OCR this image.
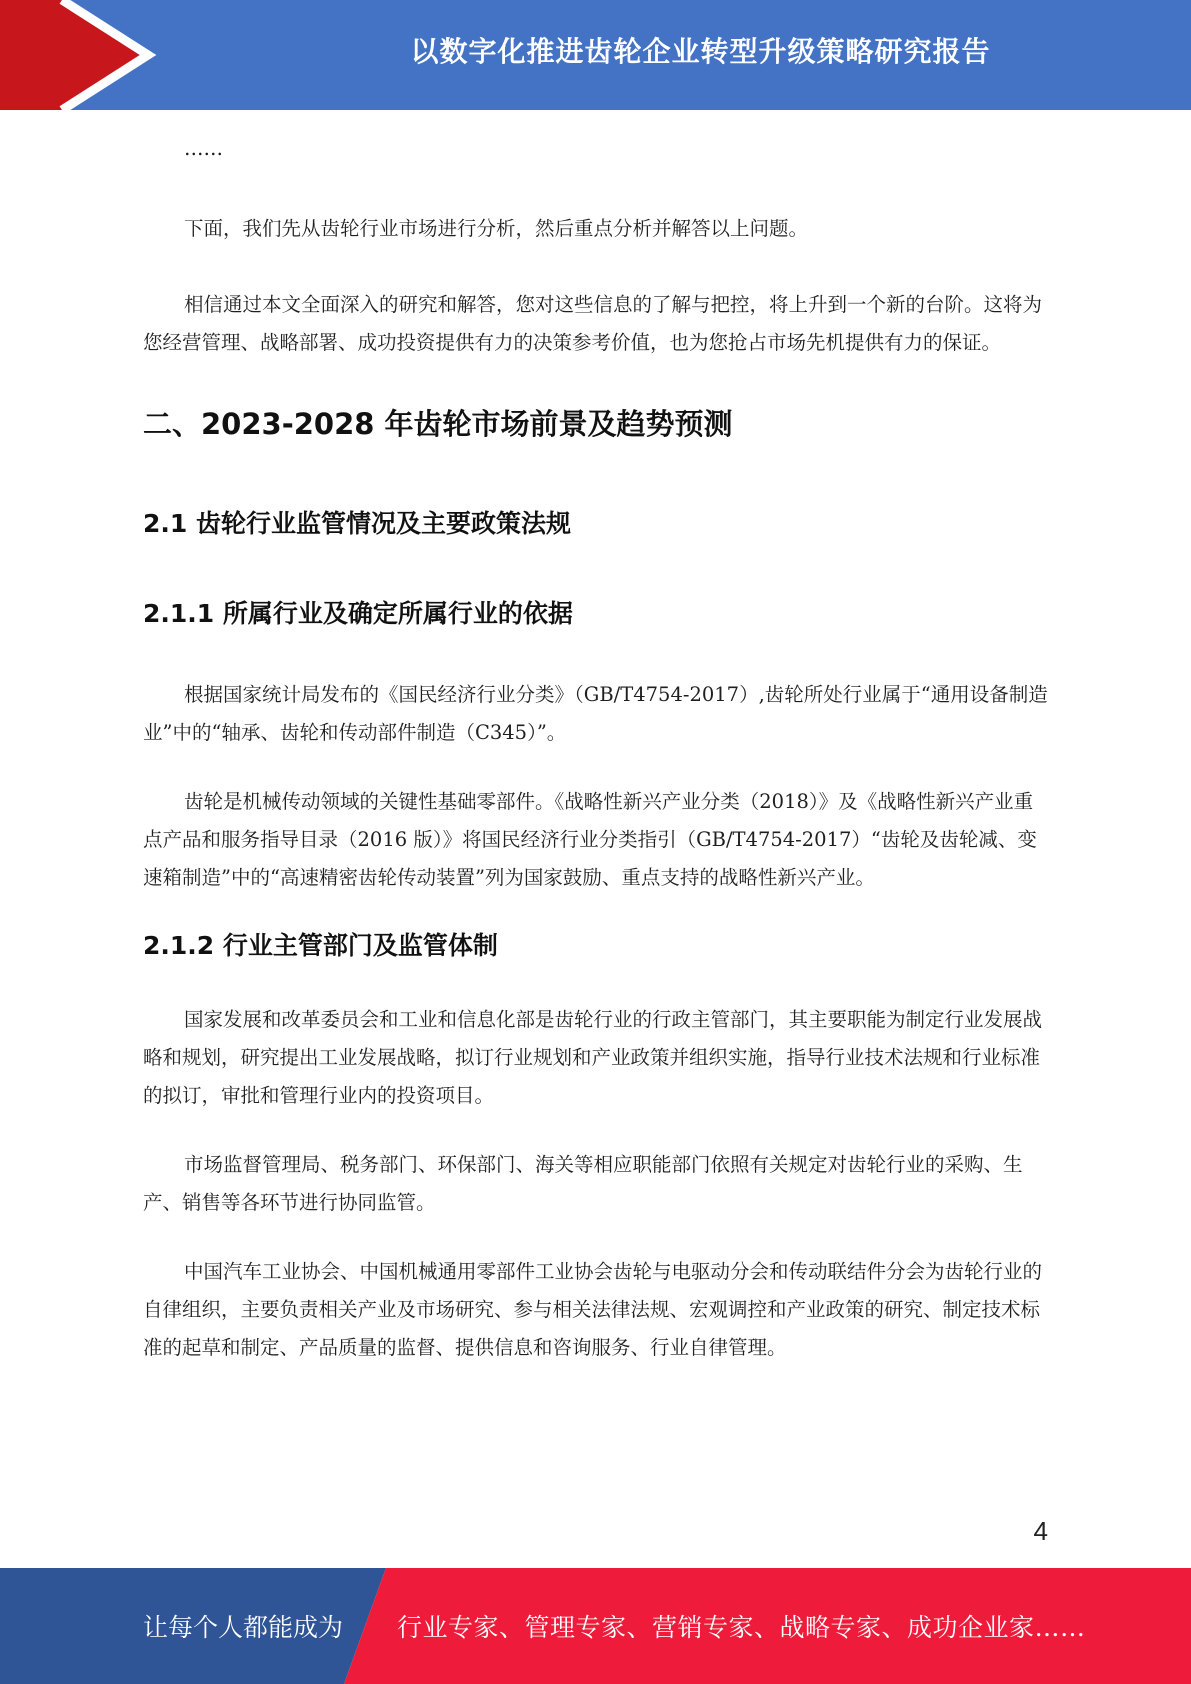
以数字化推进齿轮企业转型升级策略研究报告

……

下面，我们先从齿轮行业市场进行分析，然后重点分析并解答以上问题。

相信通过本文全面深入的研究和解答，您对这些信息的了解与把控，将上升到一个新的台阶。这将为您经营管理、战略部署、成功投资提供有力的决策参考价值，也为您抢占市场先机提供有力的保证。

二、2023-2028 年齿轮市场前景及趋势预测
2.1 齿轮行业监管情况及主要政策法规
2.1.1 所属行业及确定所属行业的依据

根据国家统计局发布的《国民经济行业分类》（GB/T4754-2017）,齿轮所处行业属于“通用设备制造业”中的“轴承、齿轮和传动部件制造（C345）”。

齿轮是机械传动领域的关键性基础零部件。《战略性新兴产业分类（2018）》及《战略性新兴产业重点产品和服务指导目录（2016 版）》将国民经济行业分类指引（GB/T4754-2017）“齿轮及齿轮减、变速箱制造”中的“高速精密齿轮传动装置”列为国家鼓励、重点支持的战略性新兴产业。

2.1.2 行业主管部门及监管体制

国家发展和改革委员会和工业和信息化部是齿轮行业的行政主管部门，其主要职能为制定行业发展战略和规划，研究提出工业发展战略，拟订行业规划和产业政策并组织实施，指导行业技术法规和行业标准的拟订，审批和管理行业内的投资项目。

市场监督管理局、税务部门、环保部门、海关等相应职能部门依照有关规定对齿轮行业的采购、生产、销售等各环节进行协同监管。

中国汽车工业协会、中国机械通用零部件工业协会齿轮与电驱动分会和传动联结件分会为齿轮行业的自律组织，主要负责相关产业及市场研究、参与相关法律法规、宏观调控和产业政策的研究、制定技术标准的起草和制定、产品质量的监督、提供信息和咨询服务、行业自律管理。

4
让每个人都能成为 行业专家、管理专家、营销专家、战略专家、成功企业家……
